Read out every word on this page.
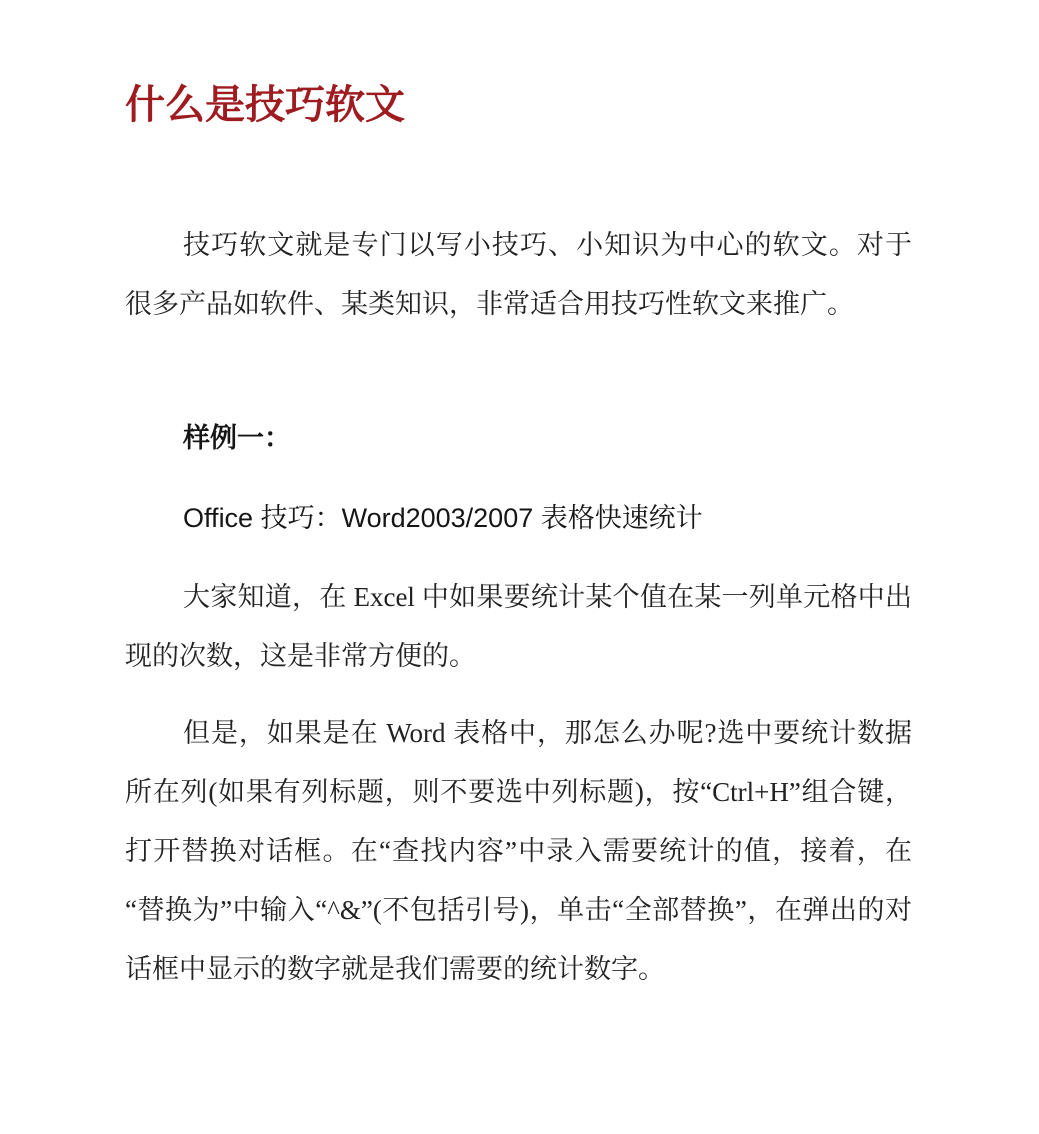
什么是技巧软文

技巧软文就是专门以写小技巧、小知识为中心的软文。对于很多产品如软件、某类知识，非常适合用技巧性软文来推广。

样例一：

Office 技巧：Word2003/2007 表格快速统计

大家知道，在 Excel 中如果要统计某个值在某一列单元格中出现的次数，这是非常方便的。

但是，如果是在 Word 表格中，那怎么办呢?选中要统计数据所在列(如果有列标题，则不要选中列标题)，按“Ctrl+H”组合键，打开替换对话框。在“查找内容”中录入需要统计的值，接着，在“替换为”中输入“^&”(不包括引号)，单击“全部替换”，在弹出的对话框中显示的数字就是我们需要的统计数字。
